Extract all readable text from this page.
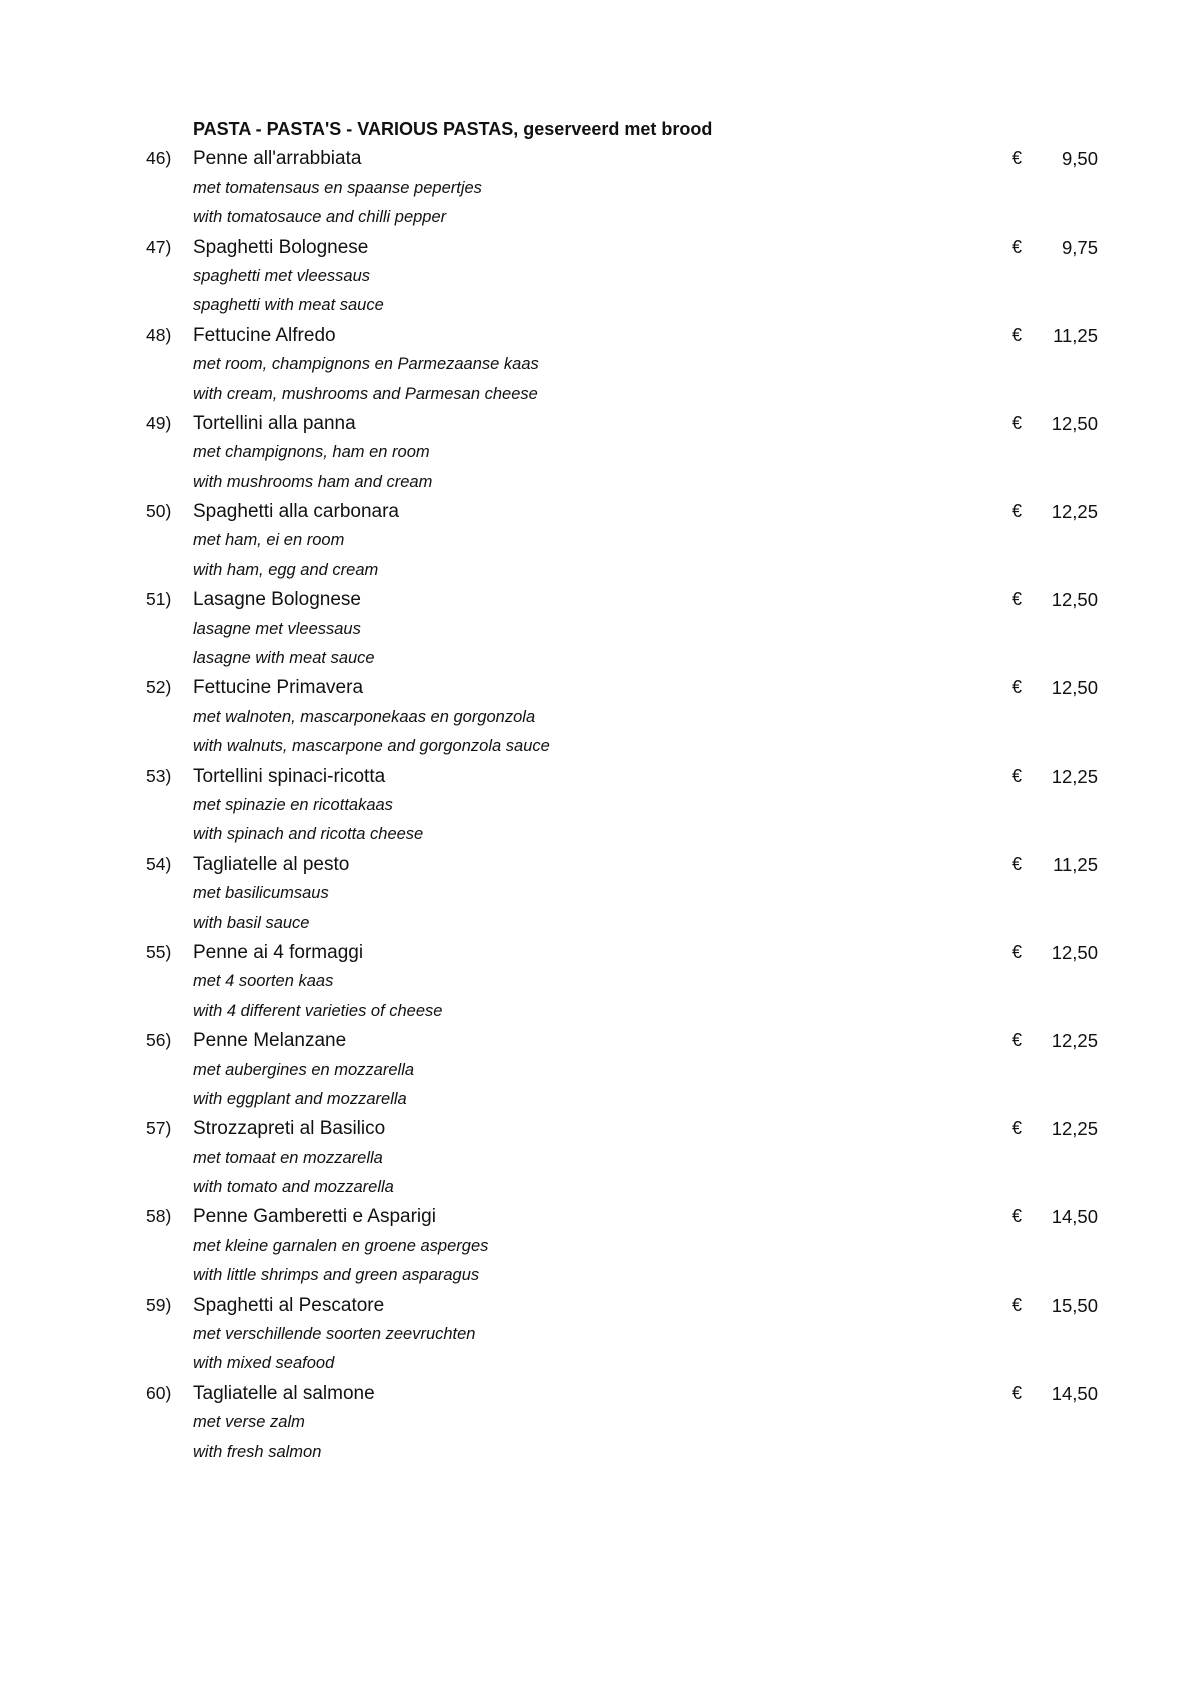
PASTA - PASTA'S - VARIOUS PASTAS, geserveerd met brood
46) Penne all'arrabbiata	€ 9,50
met tomatensaus en spaanse pepertjes
with tomatosauce and chilli pepper
47) Spaghetti Bolognese	€ 9,75
spaghetti met vleessaus
spaghetti with meat sauce
48) Fettucine Alfredo	€ 11,25
met room, champignons en Parmezaanse kaas
with cream, mushrooms and Parmesan cheese
49) Tortellini alla panna	€ 12,50
met champignons, ham en room
with mushrooms ham and cream
50) Spaghetti alla carbonara	€ 12,25
met ham, ei en room
with ham, egg and cream
51) Lasagne Bolognese	€ 12,50
lasagne met vleessaus
lasagne with meat sauce
52) Fettucine Primavera	€ 12,50
met walnoten, mascarponekaas en gorgonzola
with walnuts, mascarpone and gorgonzola sauce
53) Tortellini spinaci-ricotta	€ 12,25
met spinazie en ricottakaas
with spinach and ricotta cheese
54) Tagliatelle al pesto	€ 11,25
met basilicumsaus
with basil sauce
55) Penne ai 4 formaggi	€ 12,50
met 4 soorten kaas
with 4 different varieties of cheese
56) Penne Melanzane	€ 12,25
met aubergines en mozzarella
with eggplant and mozzarella
57) Strozzapreti al Basilico	€ 12,25
met tomaat en mozzarella
with tomato and mozzarella
58) Penne Gamberetti e Asparigi	€ 14,50
met kleine garnalen en groene asperges
with little shrimps and green asparagus
59) Spaghetti al Pescatore	€ 15,50
met verschillende soorten zeevruchten
with mixed seafood
60) Tagliatelle al salmone	€ 14,50
met verse zalm
with fresh salmon
